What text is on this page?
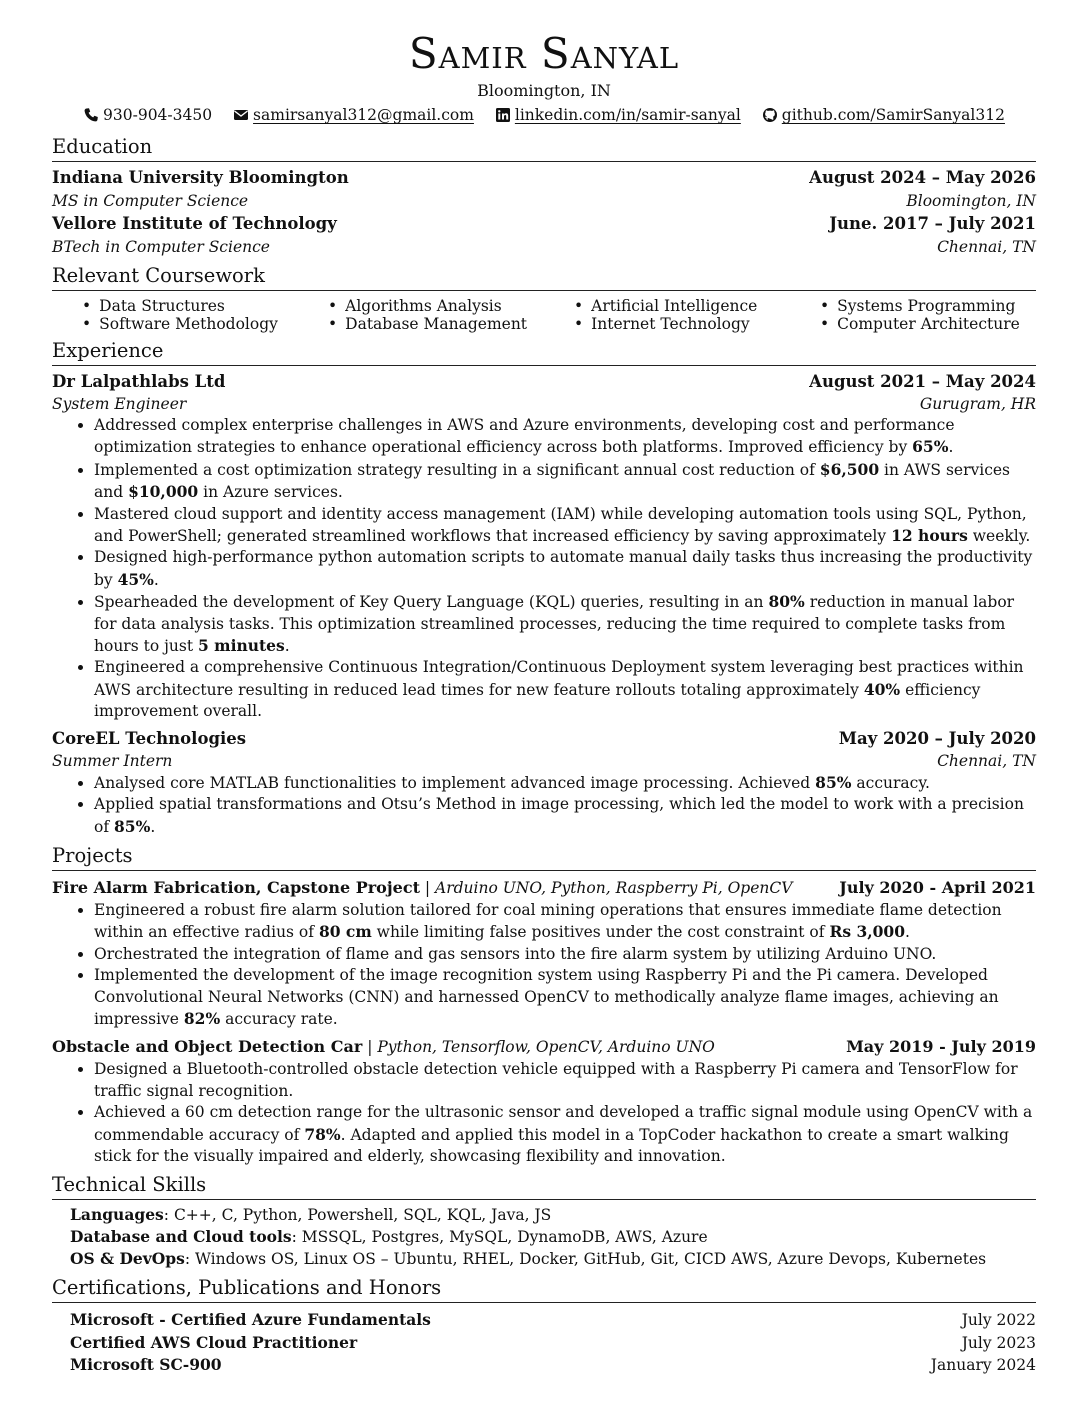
Samir Sanyal
Bloomington, IN
930-904-3450
	samirsanyal312@gmail.com
	linkedin.com/in/samir-sanyal
	github.com/SamirSanyal312
Education
Indiana University Bloomington	August 2024 – May 2026
MS in Computer Science	Bloomington, IN
Vellore Institute of Technology	June. 2017 – July 2021
BTech in Computer Science	Chennai, TN
Relevant Coursework
• Data Structures	• Algorithms Analysis	• Artificial Intelligence	• Systems Programming
• Software Methodology	• Database Management	• Internet Technology	• Computer Architecture
Experience
Dr Lalpathlabs Ltd	August 2021 – May 2024
System Engineer	Gurugram, HR
• Addressed complex enterprise challenges in AWS and Azure environments, developing cost and performance optimization strategies to enhance operational efficiency across both platforms. Improved efficiency by 65%.
• Implemented a cost optimization strategy resulting in a significant annual cost reduction of $6,500 in AWS services and $10,000 in Azure services.
• Mastered cloud support and identity access management (IAM) while developing automation tools using SQL, Python, and PowerShell; generated streamlined workflows that increased efficiency by saving approximately 12 hours weekly.
• Designed high-performance python automation scripts to automate manual daily tasks thus increasing the productivity by 45%.
• Spearheaded the development of Key Query Language (KQL) queries, resulting in an 80% reduction in manual labor for data analysis tasks. This optimization streamlined processes, reducing the time required to complete tasks from hours to just 5 minutes.
• Engineered a comprehensive Continuous Integration/Continuous Deployment system leveraging best practices within AWS architecture resulting in reduced lead times for new feature rollouts totaling approximately 40% efficiency improvement overall.
CoreEL Technologies	May 2020 – July 2020
Summer Intern	Chennai, TN
• Analysed core MATLAB functionalities to implement advanced image processing. Achieved 85% accuracy.
• Applied spatial transformations and Otsu’s Method in image processing, which led the model to work with a precision of 85%.
Projects
Fire Alarm Fabrication, Capstone Project | Arduino UNO, Python, Raspberry Pi, OpenCV	July 2020 - April 2021
• Engineered a robust fire alarm solution tailored for coal mining operations that ensures immediate flame detection within an effective radius of 80 cm while limiting false positives under the cost constraint of Rs 3,000.
• Orchestrated the integration of flame and gas sensors into the fire alarm system by utilizing Arduino UNO.
• Implemented the development of the image recognition system using Raspberry Pi and the Pi camera. Developed Convolutional Neural Networks (CNN) and harnessed OpenCV to methodically analyze flame images, achieving an impressive 82% accuracy rate.
Obstacle and Object Detection Car | Python, Tensorflow, OpenCV, Arduino UNO	May 2019 - July 2019
• Designed a Bluetooth-controlled obstacle detection vehicle equipped with a Raspberry Pi camera and TensorFlow for traffic signal recognition.
• Achieved a 60 cm detection range for the ultrasonic sensor and developed a traffic signal module using OpenCV with a commendable accuracy of 78%. Adapted and applied this model in a TopCoder hackathon to create a smart walking stick for the visually impaired and elderly, showcasing flexibility and innovation.
Technical Skills
Languages: C++, C, Python, Powershell, SQL, KQL, Java, JS
Database and Cloud tools: MSSQL, Postgres, MySQL, DynamoDB, AWS, Azure
OS & DevOps: Windows OS, Linux OS – Ubuntu, RHEL, Docker, GitHub, Git, CICD AWS, Azure Devops, Kubernetes
Certifications, Publications and Honors
Microsoft - Certified Azure Fundamentals	July 2022
Certified AWS Cloud Practitioner	July 2023
Microsoft SC-900	January 2024
